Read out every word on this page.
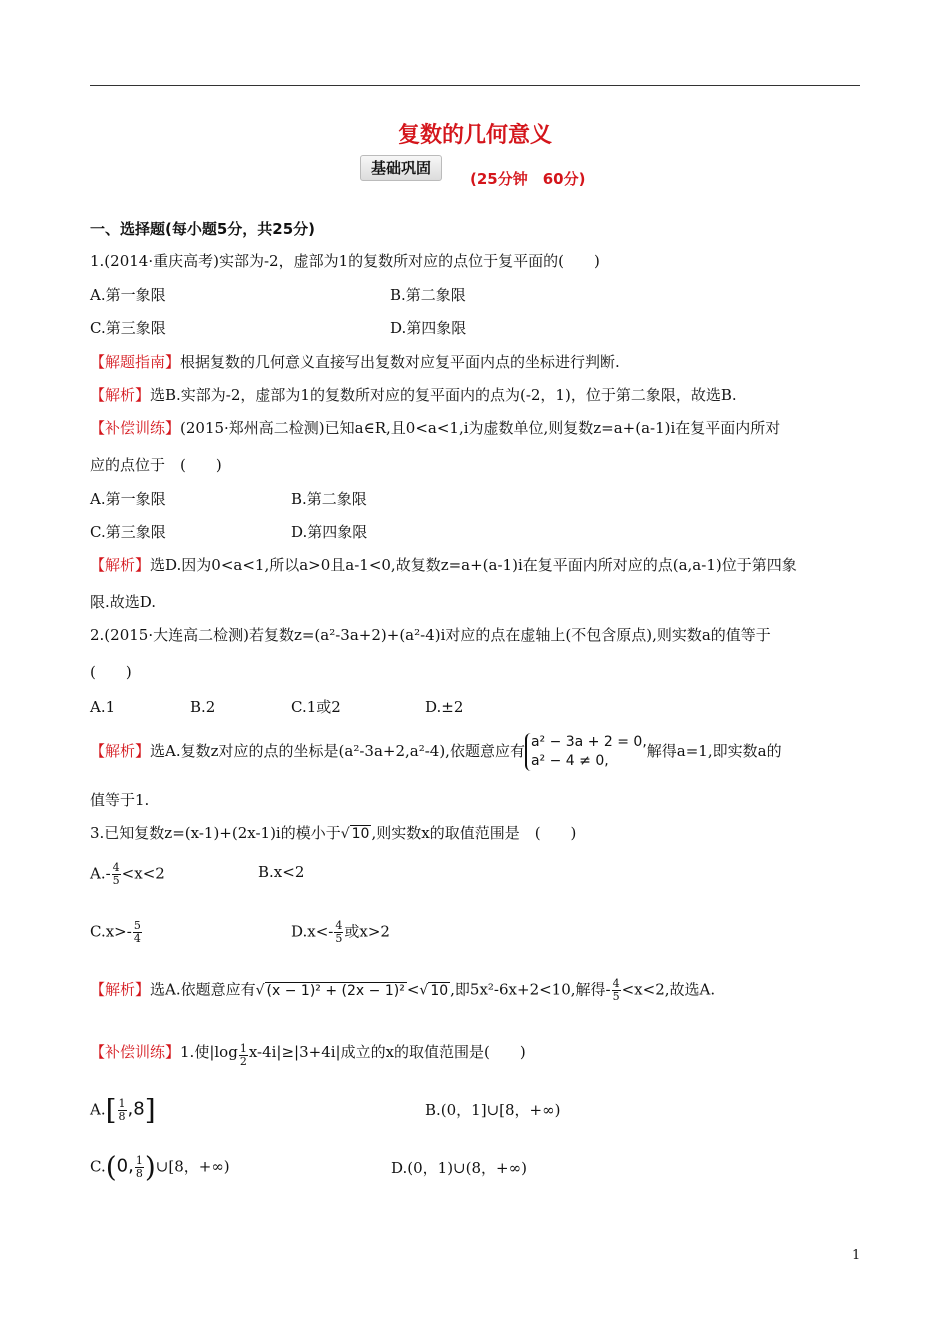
复数的几何意义
基础巩固
(25分钟　60分)
一、选择题(每小题5分，共25分)
1.(2014·重庆高考)实部为-2，虚部为1的复数所对应的点位于复平面的(　　)
A.第一象限	B.第二象限
C.第三象限	D.第四象限
【解题指南】根据复数的几何意义直接写出复数对应复平面内点的坐标进行判断.
【解析】选B.实部为-2，虚部为1的复数所对应的复平面内的点为(-2，1)，位于第二象限，故选B.
【补偿训练】(2015·郑州高二检测)已知a∈R,且0<a<1,i为虚数单位,则复数z=a+(a-1)i在复平面内所对
应的点位于　(　　)
A.第一象限	B.第二象限
C.第三象限	D.第四象限
【解析】选D.因为0<a<1,所以a>0且a-1<0,故复数z=a+(a-1)i在复平面内所对应的点(a,a-1)位于第四象
限.故选D.
2.(2015·大连高二检测)若复数z=(a²-3a+2)+(a²-4)i对应的点在虚轴上(不包含原点),则实数a的值等于
(　　)
A.1	B.2	C.1或2	D.±2
【解析】选A.复数z对应的点的坐标是(a²-3a+2,a²-4),依题意应有 a² − 3a + 2 = 0,
a² − 4 ≠ 0,
解得a=1,即实数a的
值等于1.
3.已知复数z=(x-1)+(2x-1)i的模小于√ 10 ,则实数x的取值范围是　(　　)
$A.- \frac{4}{5} <x<2$	B.x<2
$C.x>- \frac{5}{4}$	$D.x<- \frac{4}{5}$ 或x>2
【解析】选A.依题意应有√ (x − 1)² + (2x − 1)² <√ 10 ,即5x²-6x+2<10,解得- $\frac{4}{5} <x<2$,故选A.
【补偿训练】1.使$|\log \frac{1}{2} x-4i|\ge|3+4i|$成立的x的取值范围是(　　)
$A.[ \frac{1}{8} ,8]$	B.(0，1]∪[8，+∞)
C.(0, $\frac{1}{8}$ )∪[8，+∞)	D.(0，1)∪(8，+∞)
1
